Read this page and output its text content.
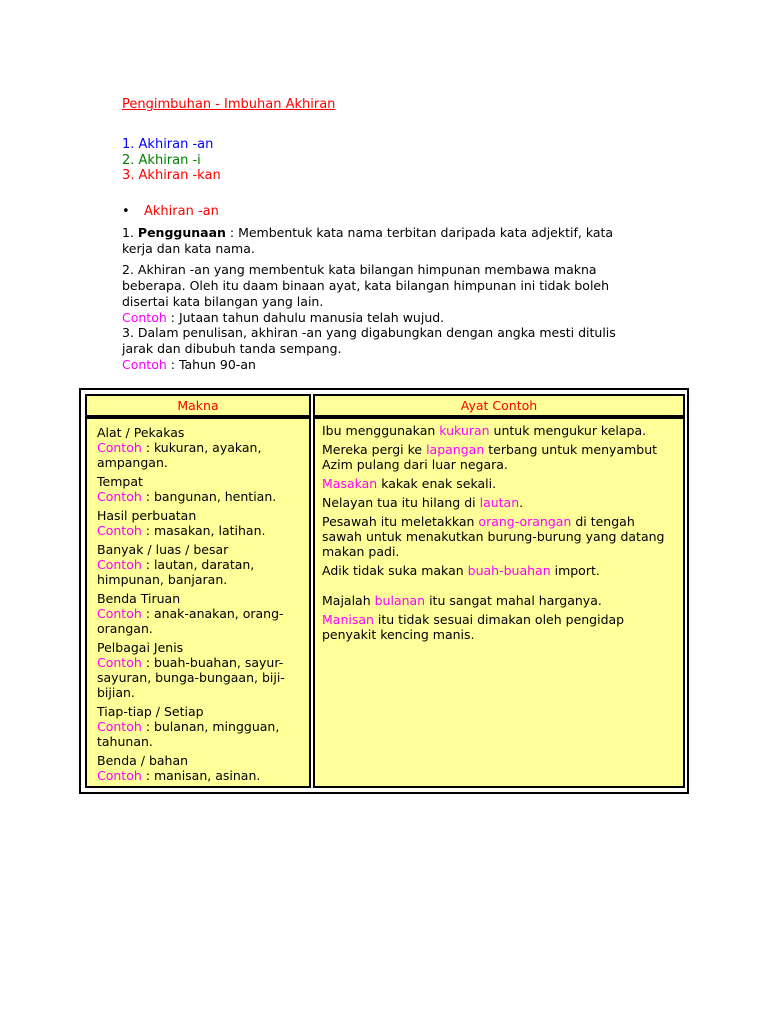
Pengimbuhan - Imbuhan Akhiran
1. Akhiran -an
2. Akhiran -i
3. Akhiran -kan
• Akhiran -an

1. Penggunaan : Membentuk kata nama terbitan daripada kata adjektif, kata kerja dan kata nama.

2. Akhiran -an yang membentuk kata bilangan himpunan membawa makna beberapa. Oleh itu daam binaan ayat, kata bilangan himpunan ini tidak boleh disertai kata bilangan yang lain.

Contoh : Jutaan tahun dahulu manusia telah wujud.

3. Dalam penulisan, akhiran -an yang digabungkan dengan angka mesti ditulis jarak dan dibubuh tanda sempang.

Contoh : Tahun 90-an

Makna	Ayat Contoh
Alat / Pekakas
Contoh : kukuran, ayakan, ampangan.
Tempat
Contoh : bangunan, hentian.
Hasil perbuatan
Contoh : masakan, latihan.
Banyak / luas / besar
Contoh : lautan, daratan, himpunan, banjaran.
Benda Tiruan
Contoh : anak-anakan, orang-orangan.
Pelbagai Jenis
Contoh : buah-buahan, sayur-sayuran, bunga-bungaan, biji-bijian.
Tiap-tiap / Setiap
Contoh : bulanan, mingguan, tahunan.
Benda / bahan
Contoh : manisan, asinan.
Ibu menggunakan kukuran untuk mengukur kelapa.
Mereka pergi ke lapangan terbang untuk menyambut Azim pulang dari luar negara.
Masakan kakak enak sekali.
Nelayan tua itu hilang di lautan.
Pesawah itu meletakkan orang-orangan di tengah sawah untuk menakutkan burung-burung yang datang makan padi.
Adik tidak suka makan buah-buahan import.
Majalah bulanan itu sangat mahal harganya.
Manisan itu tidak sesuai dimakan oleh pengidap penyakit kencing manis.
